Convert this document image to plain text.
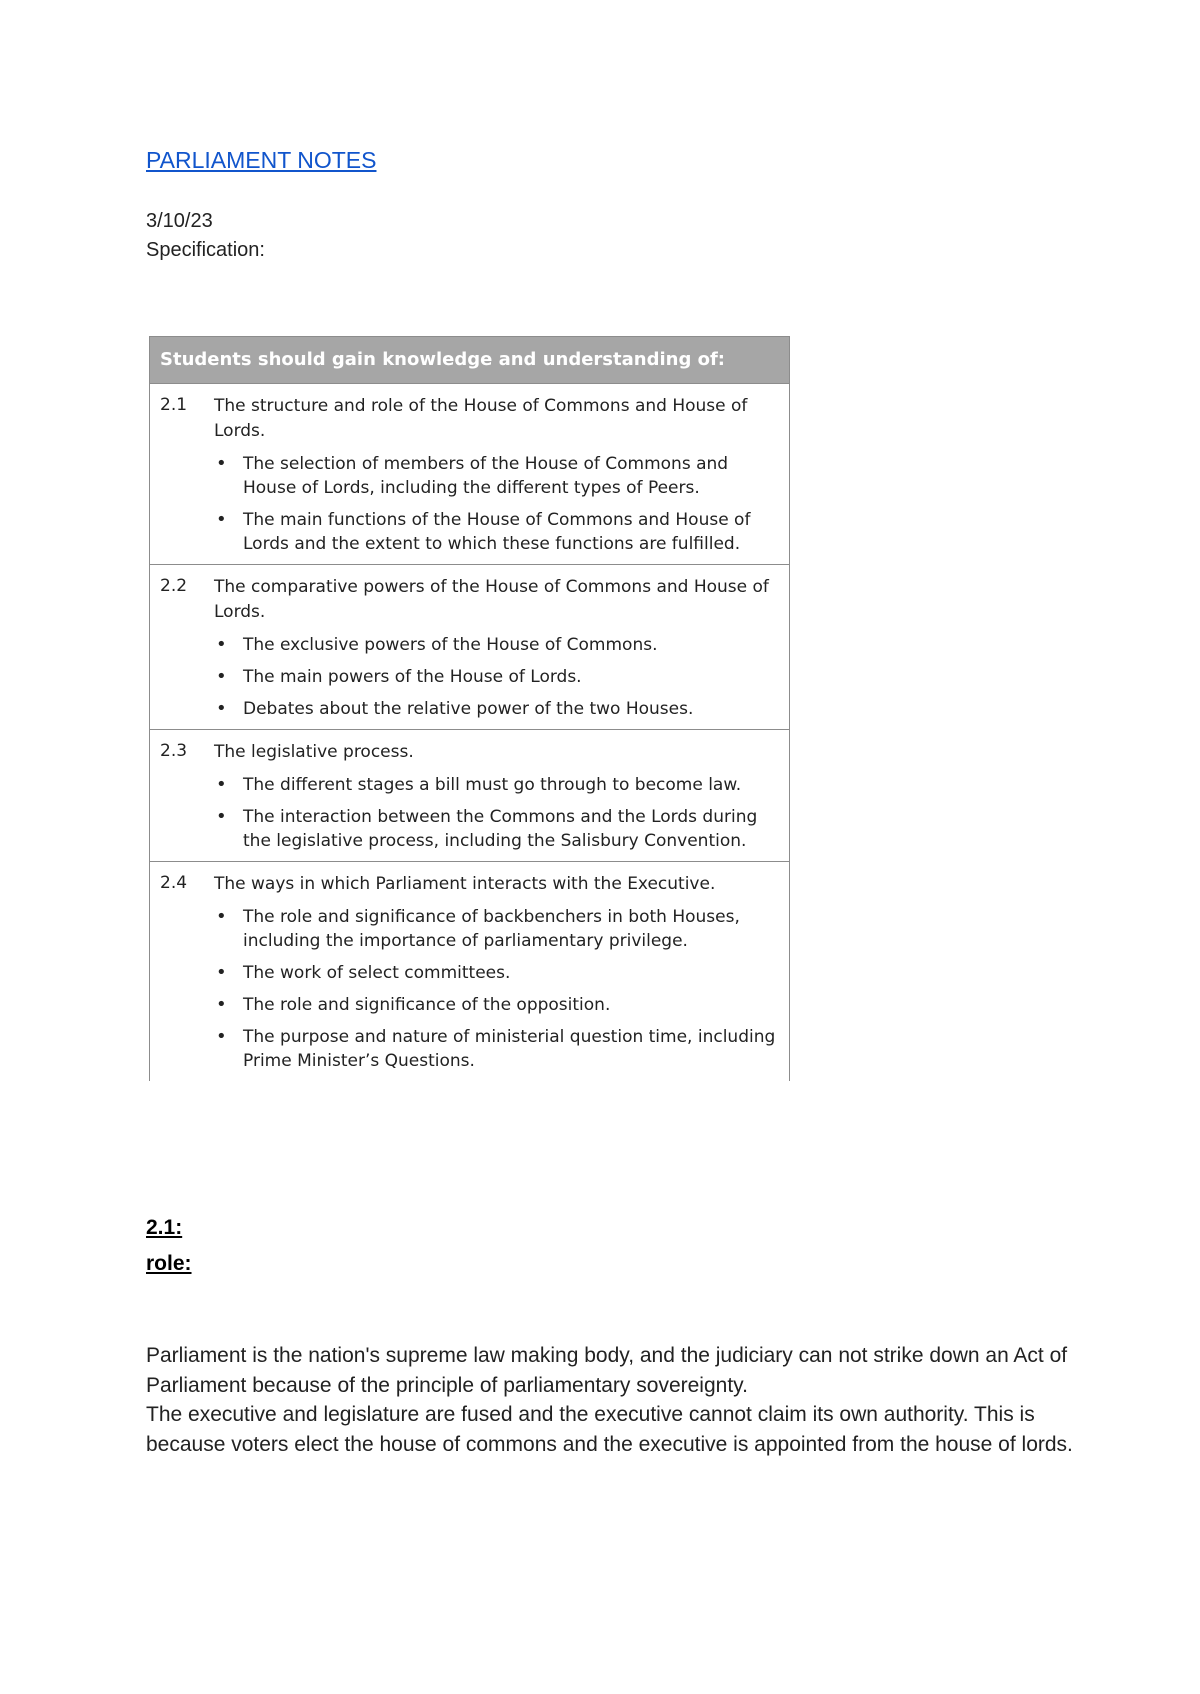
PARLIAMENT NOTES
3/10/23
Specification:
Students should gain knowledge and understanding of:
2.1	The structure and role of the House of Commons and House of Lords.
• The selection of members of the House of Commons and House of Lords, including the different types of Peers.
• The main functions of the House of Commons and House of Lords and the extent to which these functions are fulfilled.
2.2	The comparative powers of the House of Commons and House of Lords.
• The exclusive powers of the House of Commons.
• The main powers of the House of Lords.
• Debates about the relative power of the two Houses.
2.3	The legislative process.
• The different stages a bill must go through to become law.
• The interaction between the Commons and the Lords during the legislative process, including the Salisbury Convention.
2.4	The ways in which Parliament interacts with the Executive.
• The role and significance of backbenchers in both Houses, including the importance of parliamentary privilege.
• The work of select committees.
• The role and significance of the opposition.
• The purpose and nature of ministerial question time, including Prime Minister’s Questions.
2.1:
role:

Parliament is the nation's supreme law making body, and the judiciary can not strike down an Act of Parliament because of the principle of parliamentary sovereignty.

The executive and legislature are fused and the executive cannot claim its own authority. This is because voters elect the house of commons and the executive is appointed from the house of lords.
